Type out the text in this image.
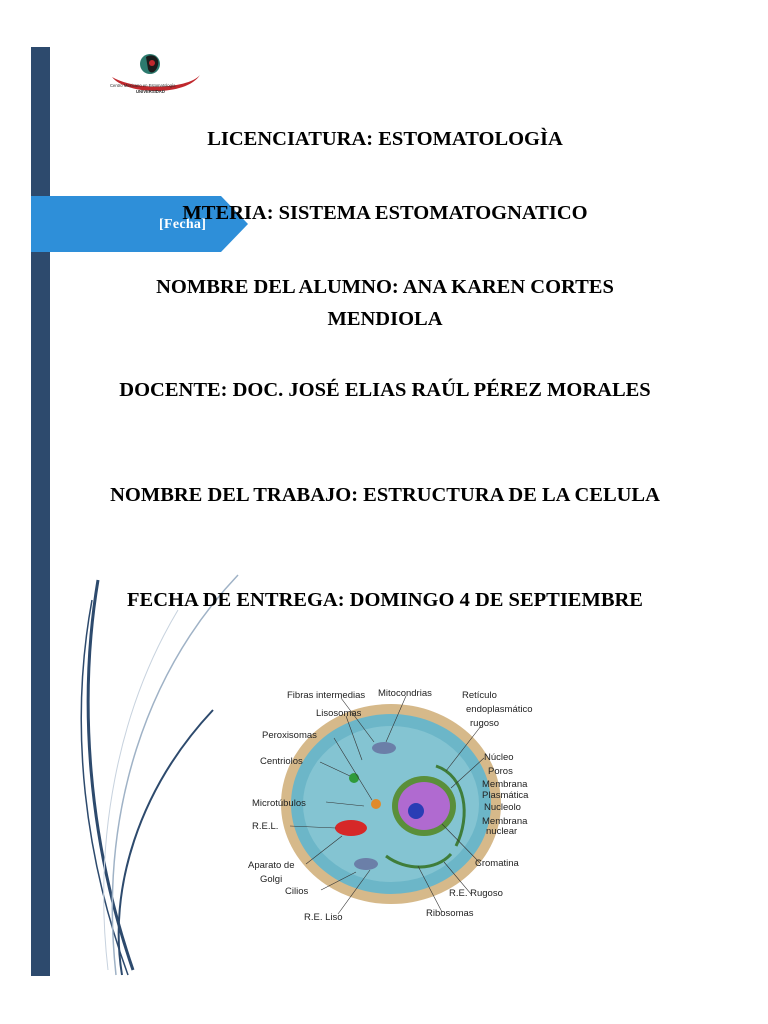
Centro Mexicano en Estomatología
UNIVERSIDAD
[Fecha]
LICENCIATURA: ESTOMATOLOGÌA
MTERIA: SISTEMA ESTOMATOGNATICO
NOMBRE DEL ALUMNO: ANA KAREN CORTES MENDIOLA
DOCENTE: DOC. JOSÉ ELIAS RAÚL PÉREZ MORALES
NOMBRE DEL TRABAJO: ESTRUCTURA DE LA CELULA
FECHA DE ENTREGA: DOMINGO 4 DE SEPTIEMBRE
Fibras intermedias Mitocondrias	Retículo
endoplasmático
rugoso
Lisosomas
Peroxisomas
Núcleo
Centriolos
Poros
Membrana
Plasmática
Nucleolo
Microtúbulos
Membrana
nuclear
R.E.L.
Aparato de
Golgi
Cromatina
Cilios	R.E. Rugoso
R.E. Liso	Ribosomas
